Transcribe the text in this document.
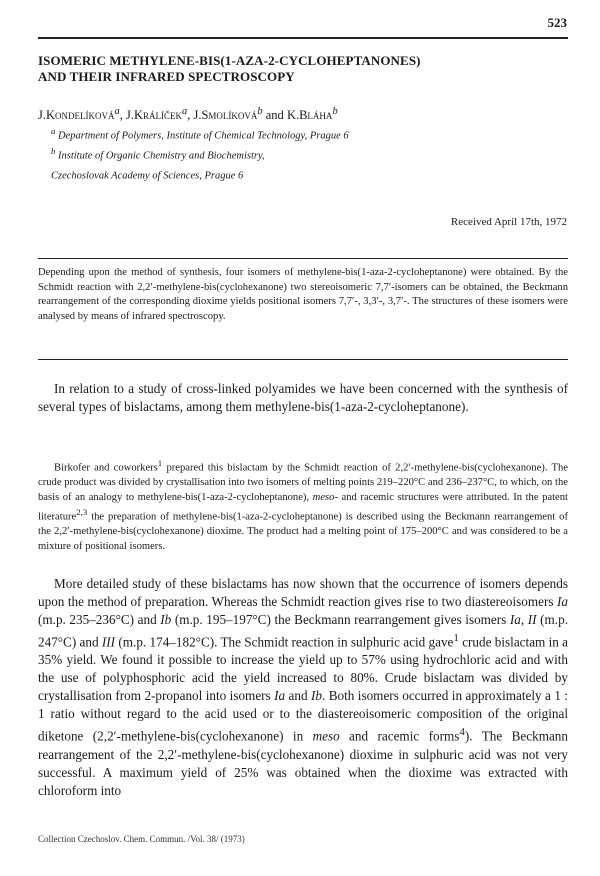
523
ISOMERIC METHYLENE-BIS(1-AZA-2-CYCLOHEPTANONES)
AND THEIR INFRARED SPECTROSCOPY
J.Kondelíková$^a$, J.Králíček$^a$, J.Smolíková$^b$ and K.Bláha$^b$
$^a$ Department of Polymers, Institute of Chemical Technology, Prague 6
$^b$ Institute of Organic Chemistry and Biochemistry,
Czechoslovak Academy of Sciences, Prague 6
Received April 17th, 1972

Depending upon the method of synthesis, four isomers of methylene-bis(1-aza-2-cycloheptanone) were obtained. By the Schmidt reaction with 2,2′-methylene-bis(cyclohexanone) two stereoisomeric 7,7′-isomers can be obtained, the Beckmann rearrangement of the corresponding dioxime yields positional isomers 7,7′-, 3,3′-, 3,7′-. The structures of these isomers were analysed by means of infrared spectroscopy.

In relation to a study of cross-linked polyamides we have been concerned with the synthesis of several types of bislactams, among them methylene-bis(1-aza-2-cycloheptanone).

Birkofer and coworkers$^1$ prepared this bislactam by the Schmidt reaction of 2,2′-methylene-bis(cyclohexanone). The crude product was divided by crystallisation into two isomers of melting points 219–220°C and 236–237°C, to which, on the basis of an analogy to methylene-bis(1-aza-2-cycloheptanone), meso- and racemic structures were attributed. In the patent literature$^{2,3}$ the preparation of methylene-bis(1-aza-2-cycloheptanone) is described using the Beckmann rearrangement of the 2,2′-methylene-bis(cyclohexanone) dioxime. The product had a melting point of 175–200°C and was considered to be a mixture of positional isomers.

More detailed study of these bislactams has now shown that the occurrence of isomers depends upon the method of preparation. Whereas the Schmidt reaction gives rise to two diastereoisomers Ia (m.p. 235–236°C) and Ib (m.p. 195–197°C) the Beckmann rearrangement gives isomers Ia, II (m.p. 247°C) and III (m.p. 174–182°C). The Schmidt reaction in sulphuric acid gave$^1$ crude bislactam in a 35% yield. We found it possible to increase the yield up to 57% using hydrochloric acid and with the use of polyphosphoric acid the yield increased to 80%. Crude bislactam was divided by crystallisation from 2-propanol into isomers Ia and Ib. Both isomers occurred in approximately a 1 : 1 ratio without regard to the acid used or to the diastereoisomeric composition of the original diketone (2,2′-methylene-bis(cyclohexanone) in meso and racemic forms$^4$). The Beckmann rearrangement of the 2,2′-methylene-bis(cyclohexanone) dioxime in sulphuric acid was not very successful. A maximum yield of 25% was obtained when the dioxime was extracted with chloroform into

Collection Czechoslov. Chem. Commun. /Vol. 38/ (1973)
